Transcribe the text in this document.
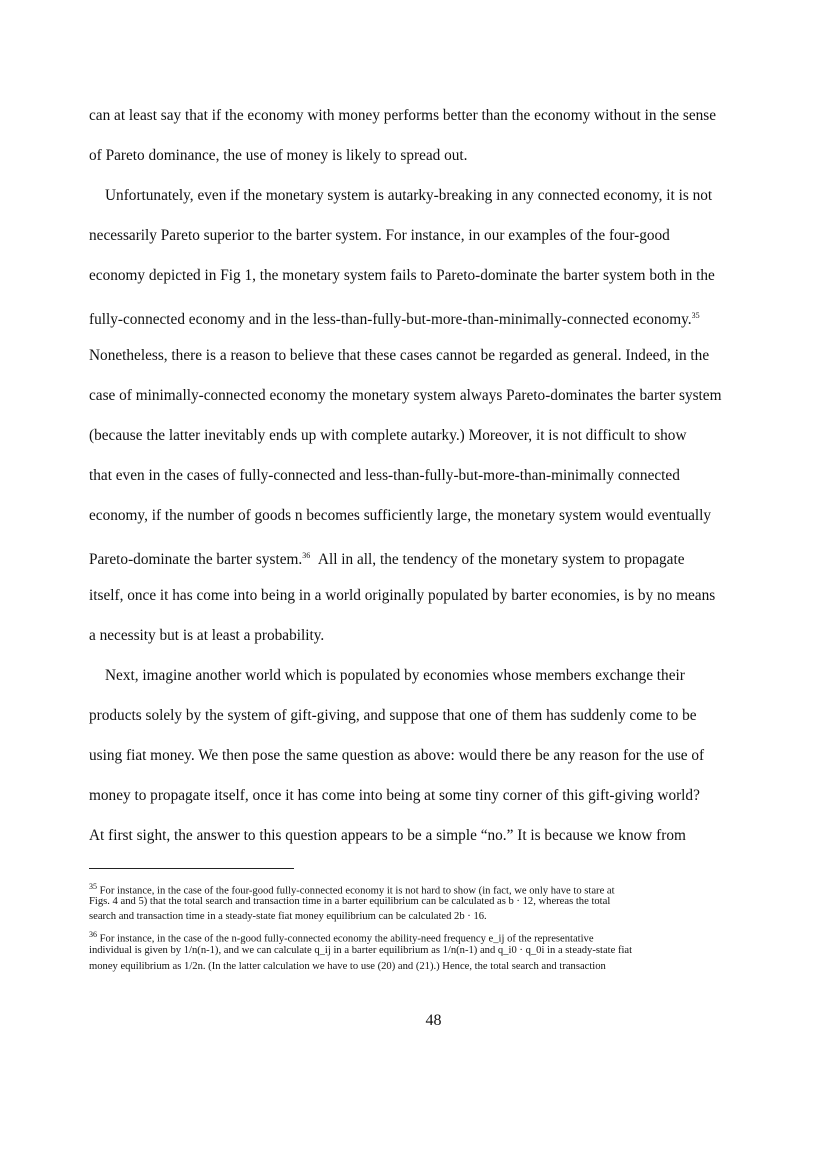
can at least say that if the economy with money performs better than the economy without in the sense
of Pareto dominance, the use of money is likely to spread out.
Unfortunately, even if the monetary system is autarky-breaking in any connected economy, it is not
necessarily Pareto superior to the barter system. For instance, in our examples of the four-good
economy depicted in Fig 1, the monetary system fails to Pareto-dominate the barter system both in the
fully-connected economy and in the less-than-fully-but-more-than-minimally-connected economy.$^{35}$
Nonetheless, there is a reason to believe that these cases cannot be regarded as general. Indeed, in the
case of minimally-connected economy the monetary system always Pareto-dominates the barter system
(because the latter inevitably ends up with complete autarky.) Moreover, it is not difficult to show
that even in the cases of fully-connected and less-than-fully-but-more-than-minimally connected
economy, if the number of goods n becomes sufficiently large, the monetary system would eventually
Pareto-dominate the barter system.$^{36}$ All in all, the tendency of the monetary system to propagate
itself, once it has come into being in a world originally populated by barter economies, is by no means
a necessity but is at least a probability.
Next, imagine another world which is populated by economies whose members exchange their
products solely by the system of gift-giving, and suppose that one of them has suddenly come to be
using fiat money. We then pose the same question as above: would there be any reason for the use of
money to propagate itself, once it has come into being at some tiny corner of this gift-giving world?
At first sight, the answer to this question appears to be a simple “no.” It is because we know from
$^{35}$ For instance, in the case of the four-good fully-connected economy it is not hard to show (in fact, we only have to stare at
Figs. 4 and 5) that the total search and transaction time in a barter equilibrium can be calculated as b · 12, whereas the total
search and transaction time in a steady-state fiat money equilibrium can be calculated 2b · 16.
$^{36}$ For instance, in the case of the n-good fully-connected economy the ability-need frequency e_ij of the representative
individual is given by 1/n(n-1), and we can calculate q_ij in a barter equilibrium as 1/n(n-1) and q_i0 · q_0i in a steady-state fiat
money equilibrium as 1/2n. (In the latter calculation we have to use (20) and (21).) Hence, the total search and transaction
48
